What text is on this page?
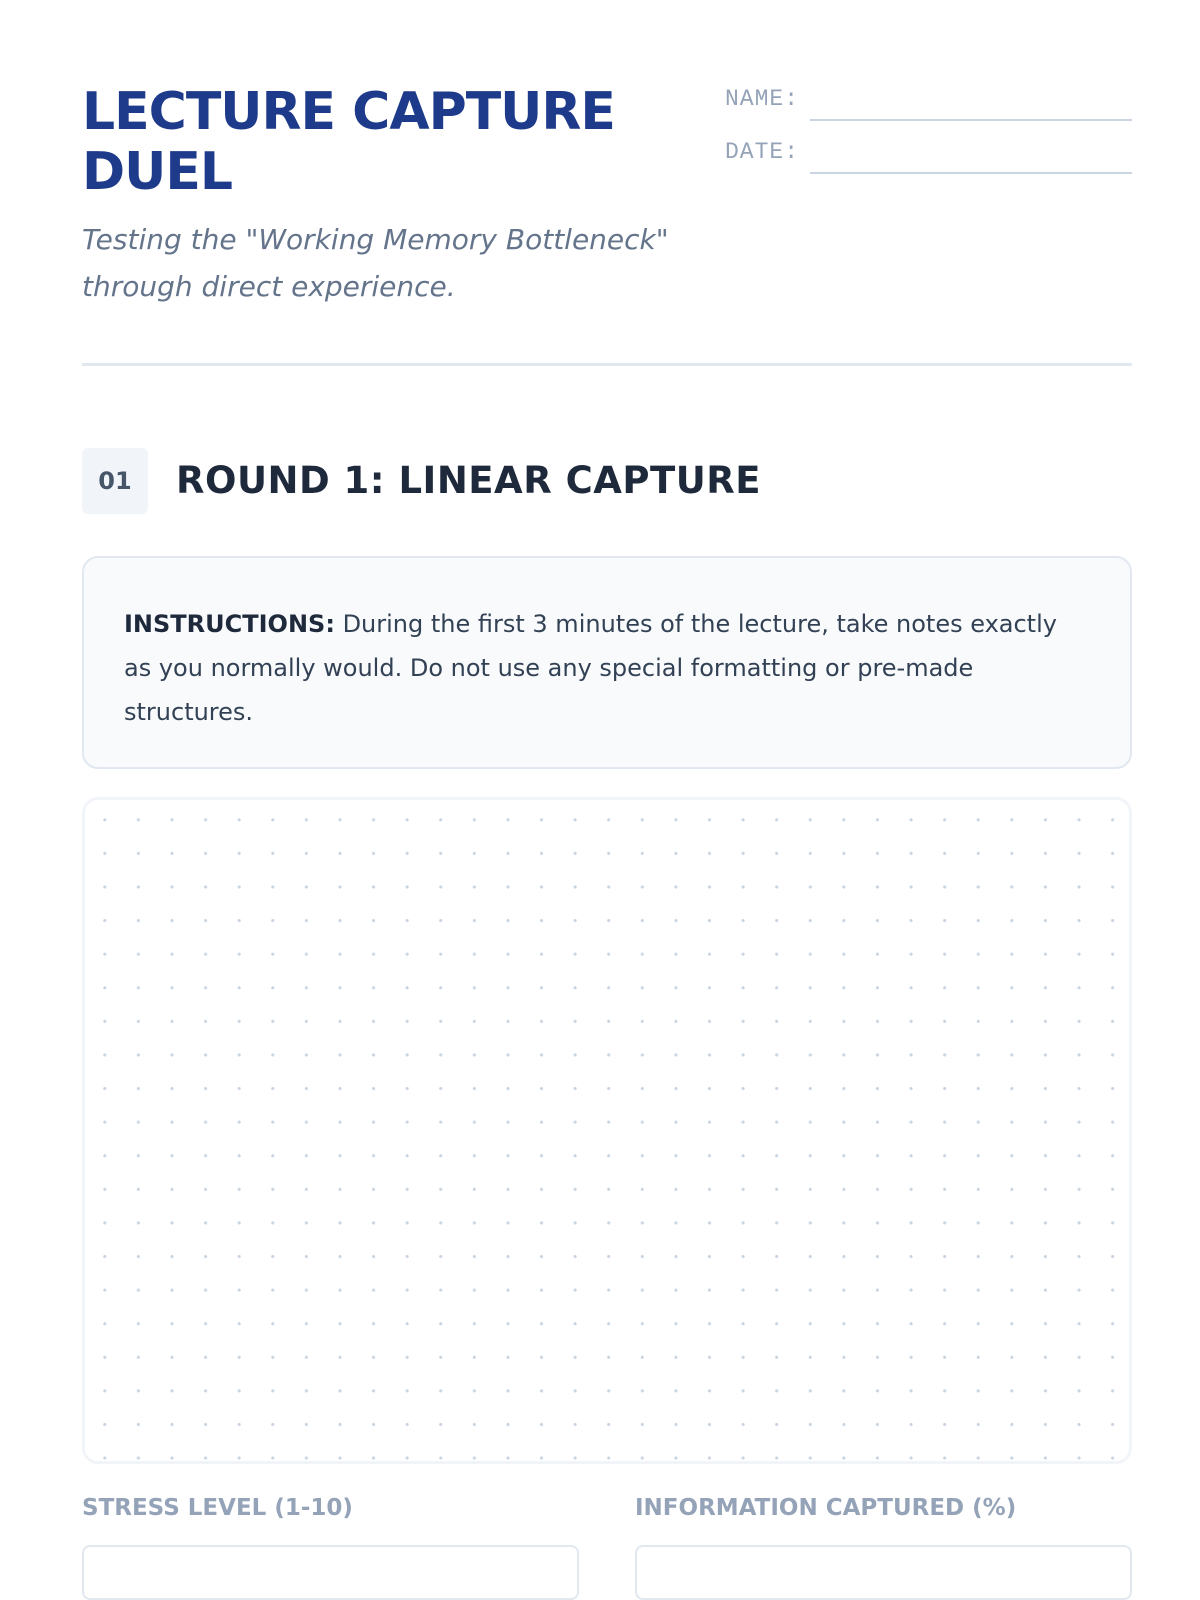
LECTURE CAPTURE DUEL

Testing the "Working Memory Bottleneck" through direct experience.

NAME:
DATE:
01	ROUND 1: LINEAR CAPTURE
INSTRUCTIONS: During the first 3 minutes of the lecture, take notes exactly as you normally would. Do not use any special formatting or pre-made structures.

STRESS LEVEL (1-10)	INFORMATION CAPTURED (%)
